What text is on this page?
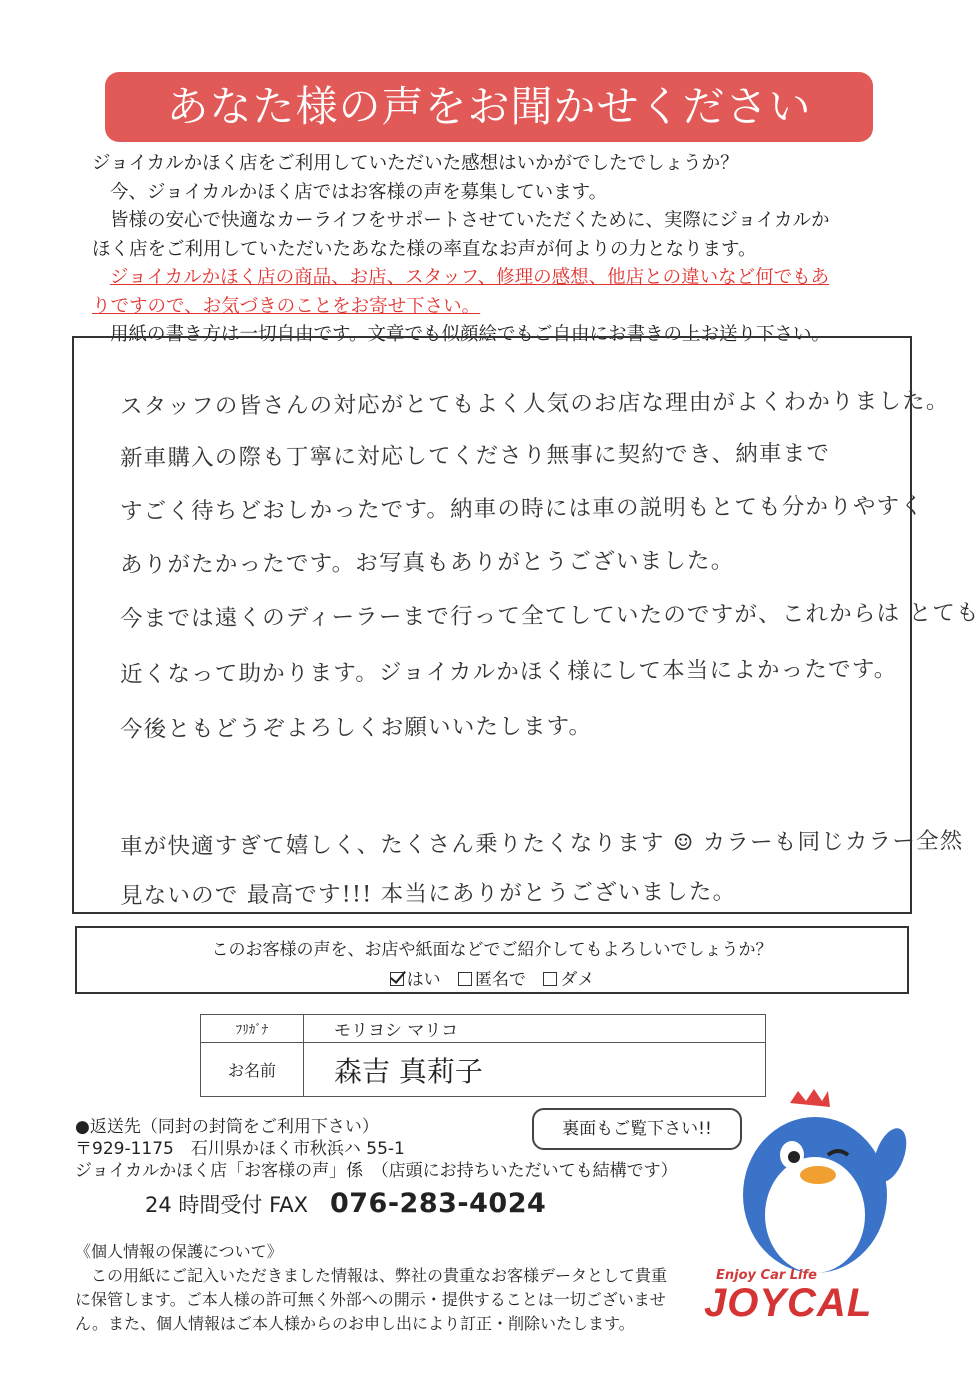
あなた様の声をお聞かせください

ジョイカルかほく店をご利用していただいた感想はいかがでしたでしょうか？

今、ジョイカルかほく店ではお客様の声を募集しています。

皆様の安心で快適なカーライフをサポートさせていただくために、実際にジョイカルか

ほく店をご利用していただいたあなた様の率直なお声が何よりの力となります。

ジョイカルかほく店の商品、お店、スタッフ、修理の感想、他店との違いなど何でもあ

りですので、お気づきのことをお寄せ下さい。

用紙の書き方は一切自由です。文章でも似顔絵でもご自由にお書きの上お送り下さい。

スタッフの皆さんの対応がとてもよく人気のお店な理由がよくわかりました。
新車購入の際も丁寧に対応してくださり無事に契約でき、納車まで
すごく待ちどおしかったです。納車の時には車の説明もとても分かりやすく
ありがたかったです。お写真もありがとうございました。
今までは遠くのディーラーまで行って全てしていたのですが、これからは とても
近くなって助かります。ジョイカルかほく様にして本当によかったです。
今後ともどうぞよろしくお願いいたします。
車が快適すぎて嬉しく、たくさん乗りたくなります ☺ カラーも同じカラー全然
見ないので 最高です!!! 本当にありがとうございました。
このお客様の声を、お店や紙面などでご紹介してもよろしいでしょうか？
はい 匿名で ダメ
ﾌﾘｶﾞﾅ	モリヨシ マリコ
お名前	森吉 真莉子

●返送先（同封の封筒をご利用下さい）

〒929-1175　石川県かほく市秋浜ハ 55-1

ジョイカルかほく店「お客様の声」係　（店頭にお持ちいただいても結構です）

24 時間受付 FAX 076-283-4024

《個人情報の保護について》

この用紙にご記入いただきました情報は、弊社の貴重なお客様データとして貴重

に保管します。ご本人様の許可無く外部への開示・提供することは一切ございませ

ん。また、個人情報はご本人様からのお申し出により訂正・削除いたします。

裏面もご覧下さい!!
Enjoy Car Life
JOYCAL
